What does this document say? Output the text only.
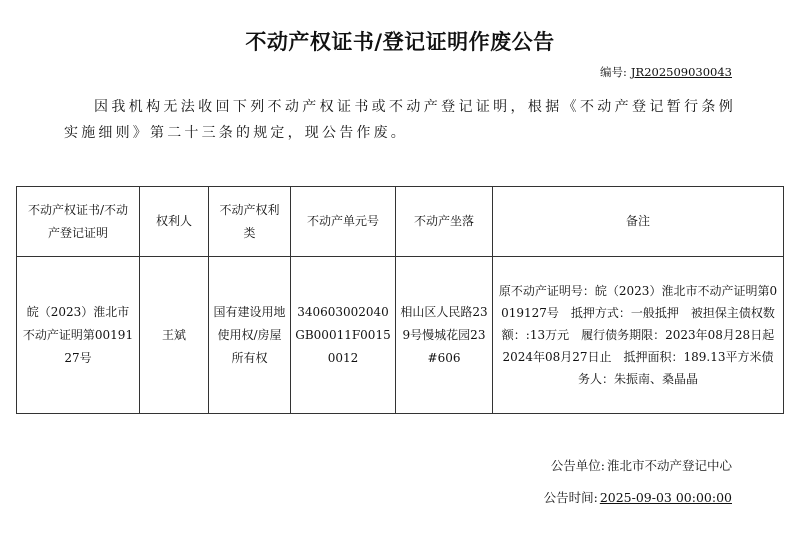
不动产权证书/登记证明作废公告
编号: JR202509030043
因我机构无法收回下列不动产权证书或不动产登记证明，根据《不动产登记暂行条例实施细则》第二十三条的规定，现公告作废。
不动产权证书/不动产登记证明	权利人	不动产权利类	不动产单元号	不动产坐落	备注
皖（2023）淮北市不动产证明第0019127号	王斌	国有建设用地使用权/房屋所有权	340603002040GB00011F00150012	相山区人民路239号慢城花园23#606	原不动产证明号：皖（2023）淮北市不动产证明第0019127号　抵押方式：一般抵押　被担保主债权数额：:13万元　履行债务期限：2023年08月28日起2024年08月27日止　抵押面积：189.13平方米债务人：朱振南、桑晶晶
公告单位: 淮北市不动产登记中心
公告时间: 2025-09-03 00:00:00
